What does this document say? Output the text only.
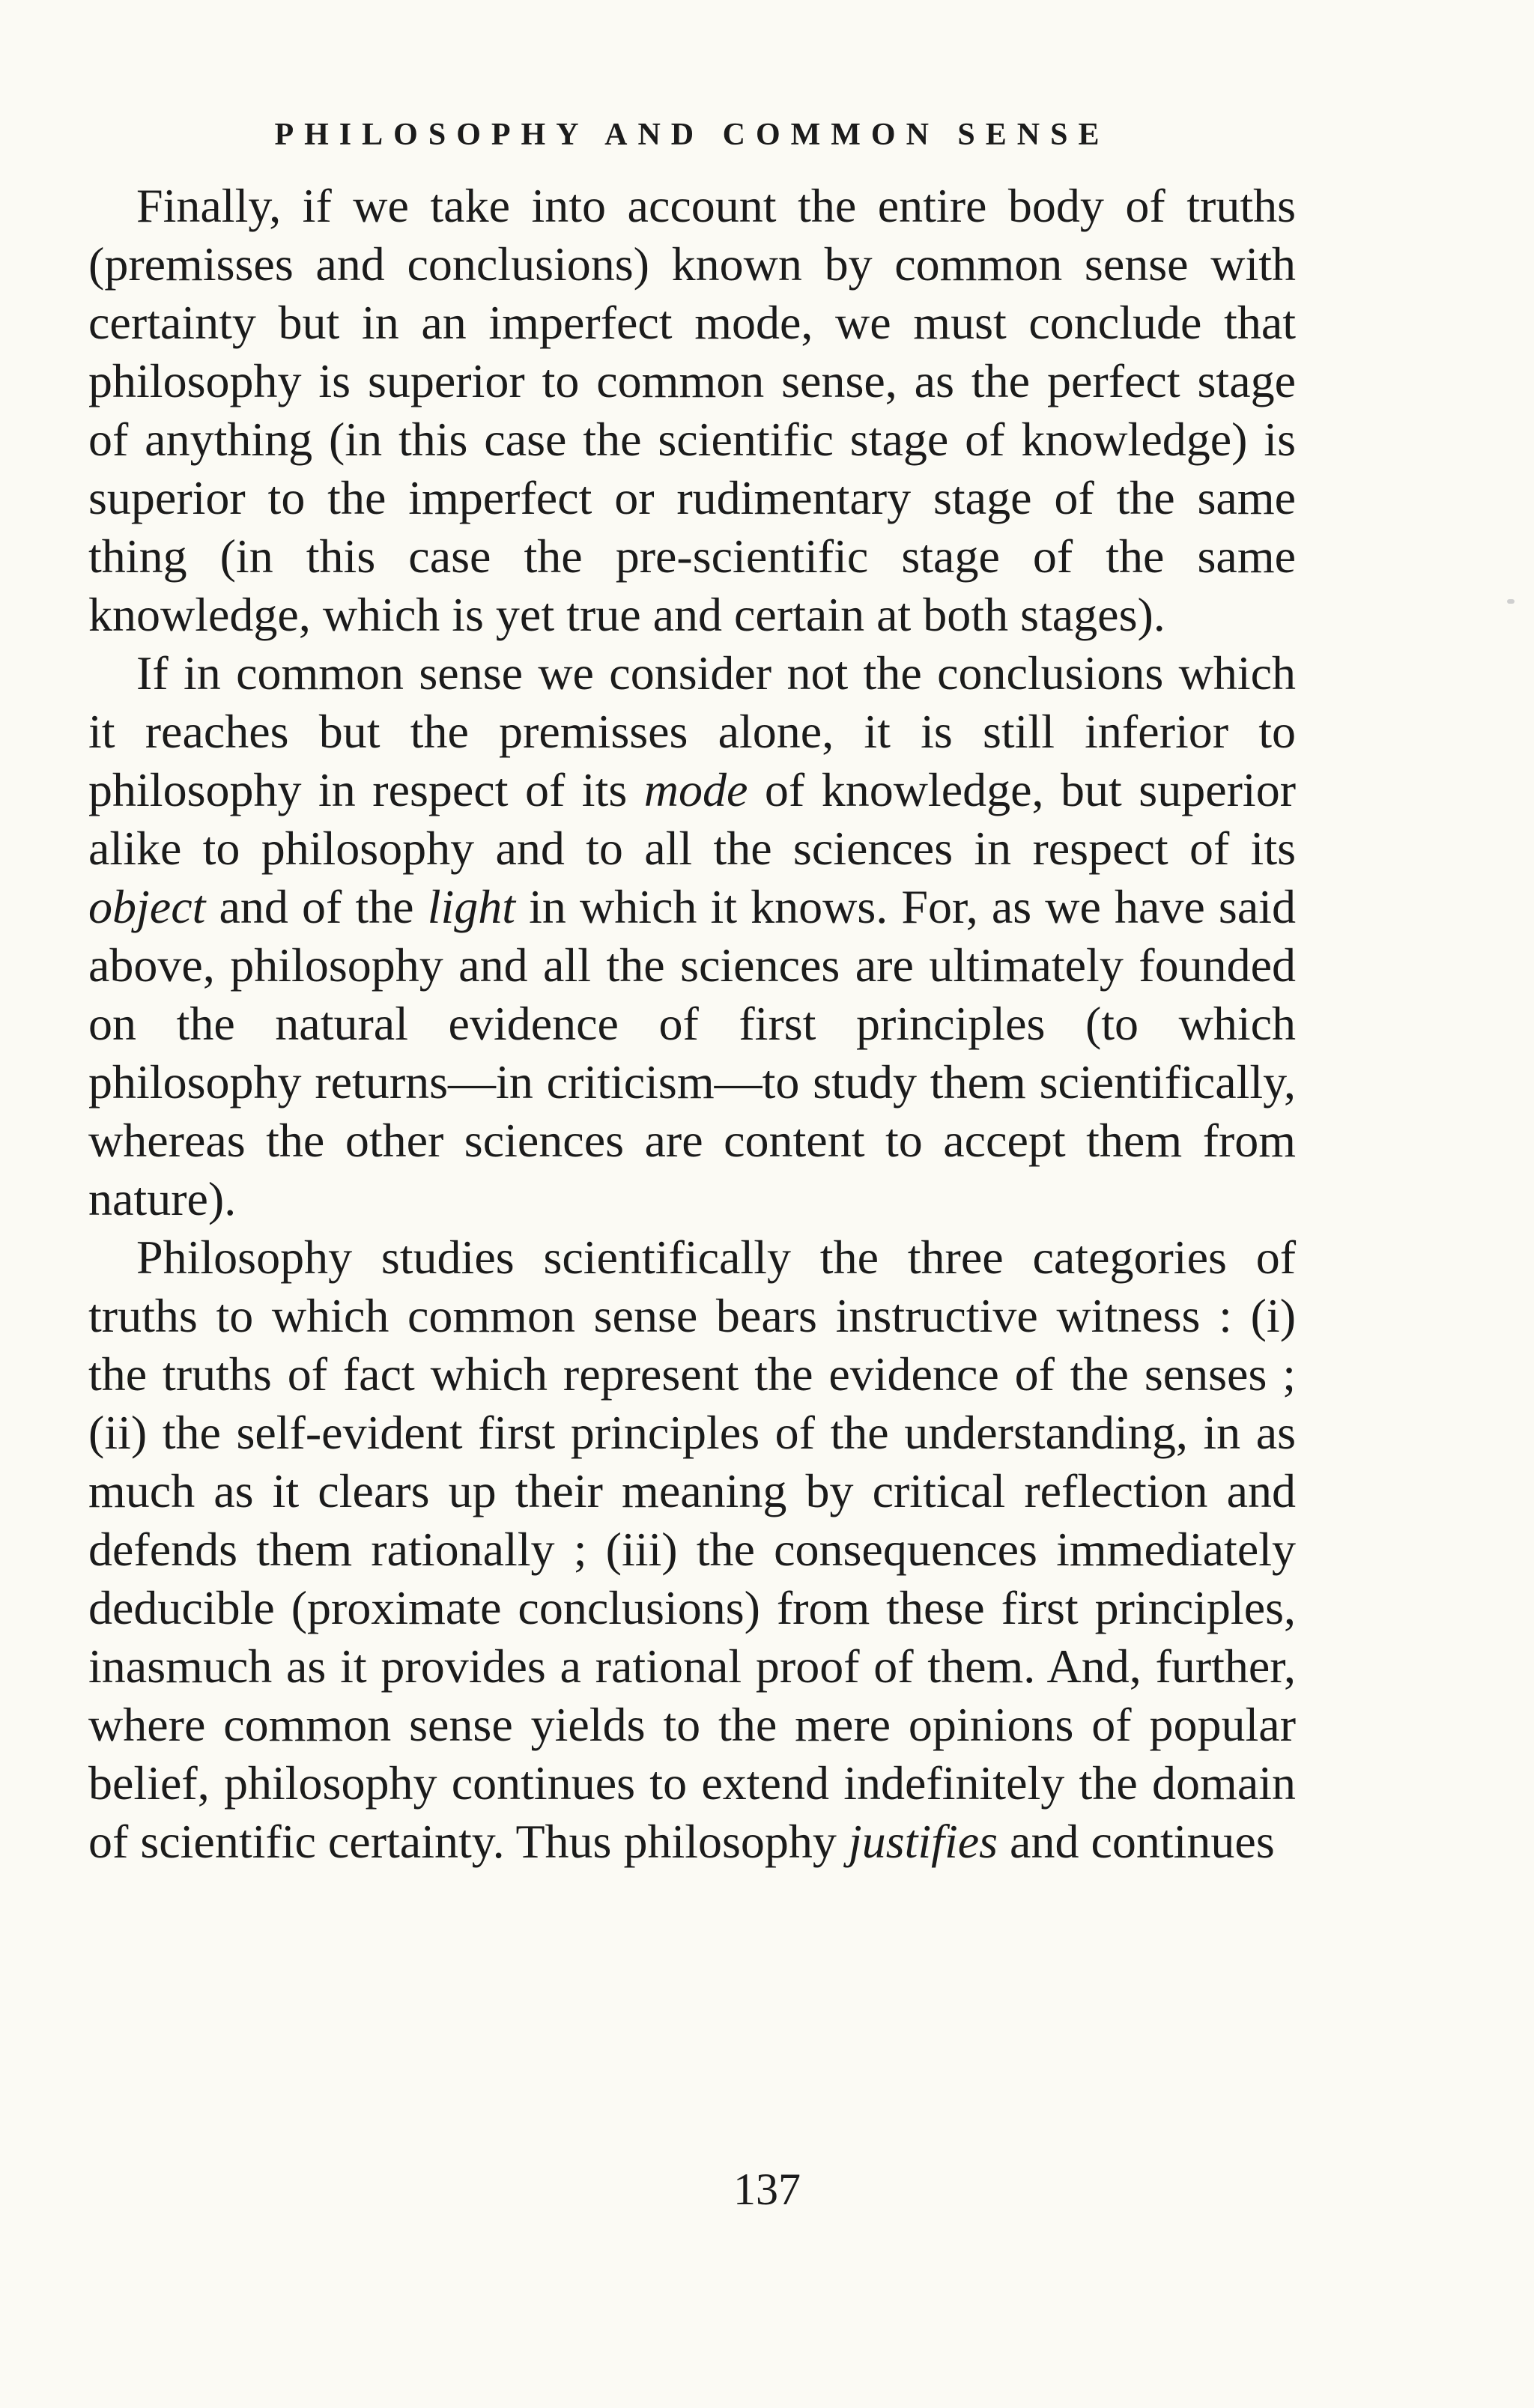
PHILOSOPHY AND COMMON SENSE

Finally, if we take into account the entire body of truths (premisses and conclusions) known by common sense with certainty but in an imperfect mode, we must conclude that philosophy is superior to common sense, as the perfect stage of anything (in this case the scientific stage of knowledge) is superior to the imperfect or rudimentary stage of the same thing (in this case the pre-scientific stage of the same knowledge, which is yet true and certain at both stages).

If in common sense we consider not the conclusions which it reaches but the premisses alone, it is still inferior to philosophy in respect of its mode of knowledge, but superior alike to philosophy and to all the sciences in respect of its object and of the light in which it knows. For, as we have said above, philosophy and all the sciences are ultimately founded on the natural evidence of first principles (to which philosophy returns—in criticism—to study them scientifically, whereas the other sciences are content to accept them from nature).

Philosophy studies scientifically the three categories of truths to which common sense bears instructive witness : (i) the truths of fact which represent the evidence of the senses ; (ii) the self-evident first principles of the understanding, in as much as it clears up their meaning by critical reflection and defends them rationally ; (iii) the consequences immediately deducible (proximate conclusions) from these first principles, inasmuch as it provides a rational proof of them. And, further, where common sense yields to the mere opinions of popular belief, philosophy continues to extend indefinitely the domain of scientific certainty. Thus philosophy justifies and continues

137
